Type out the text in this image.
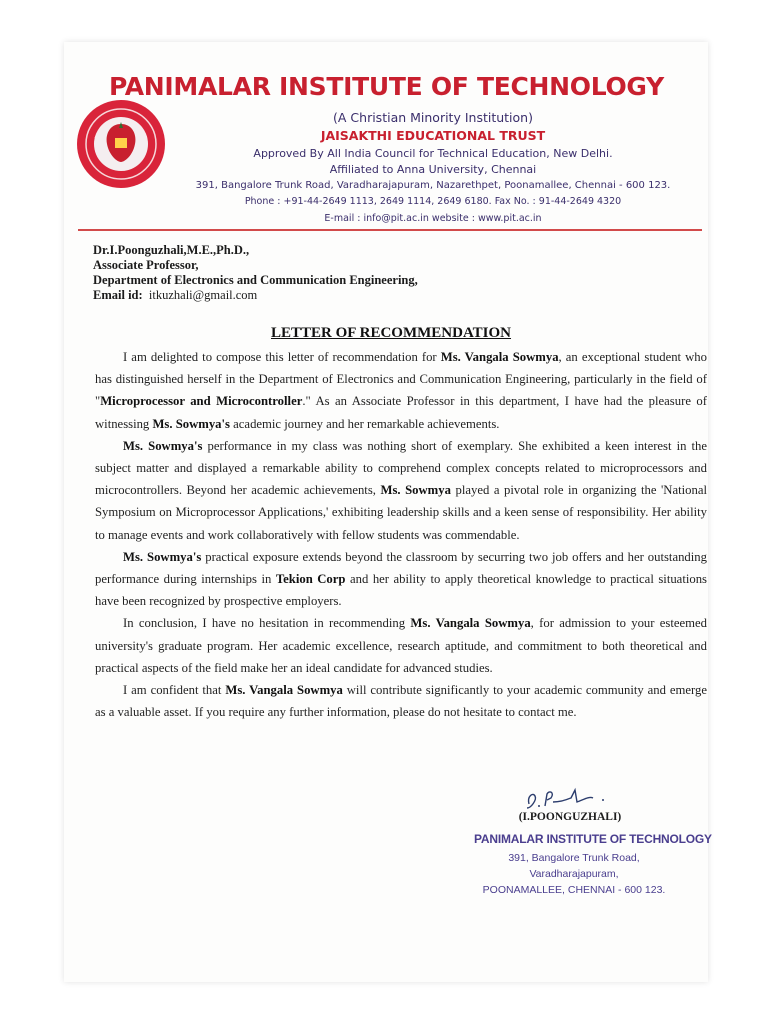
PANIMALAR INSTITUTE OF TECHNOLOGY
(A Christian Minority Institution)
JAISAKTHI EDUCATIONAL TRUST
Approved By All India Council for Technical Education, New Delhi.
Affiliated to Anna University, Chennai
391, Bangalore Trunk Road, Varadharajapuram, Nazarethpet, Poonamallee, Chennai - 600 123.
Phone : +91-44-2649 1113, 2649 1114, 2649 6180. Fax No. : 91-44-2649 4320
E-mail : info@pit.ac.in website : www.pit.ac.in
Dr.I.Poonguzhali,M.E.,Ph.D.,
Associate Professor,
Department of Electronics and Communication Engineering,
Email id: itkuzhali@gmail.com
LETTER OF RECOMMENDATION

I am delighted to compose this letter of recommendation for Ms. Vangala Sowmya, an exceptional student who has distinguished herself in the Department of Electronics and Communication Engineering, particularly in the field of "Microprocessor and Microcontroller." As an Associate Professor in this department, I have had the pleasure of witnessing Ms. Sowmya's academic journey and her remarkable achievements.

Ms. Sowmya's performance in my class was nothing short of exemplary. She exhibited a keen interest in the subject matter and displayed a remarkable ability to comprehend complex concepts related to microprocessors and microcontrollers. Beyond her academic achievements, Ms. Sowmya played a pivotal role in organizing the 'National Symposium on Microprocessor Applications,' exhibiting leadership skills and a keen sense of responsibility. Her ability to manage events and work collaboratively with fellow students was commendable.

Ms. Sowmya's practical exposure extends beyond the classroom by securring two job offers and her outstanding performance during internships in Tekion Corp and her ability to apply theoretical knowledge to practical situations have been recognized by prospective employers.

In conclusion, I have no hesitation in recommending Ms. Vangala Sowmya, for admission to your esteemed university's graduate program. Her academic excellence, research aptitude, and commitment to both theoretical and practical aspects of the field make her an ideal candidate for advanced studies.

I am confident that Ms. Vangala Sowmya will contribute significantly to your academic community and emerge as a valuable asset. If you require any further information, please do not hesitate to contact me.

(I.POONGUZHALI)
PANIMALAR INSTITUTE OF TECHNOLOGY
391, Bangalore Trunk Road,
Varadharajapuram,
POONAMALLEE, CHENNAI - 600 123.
